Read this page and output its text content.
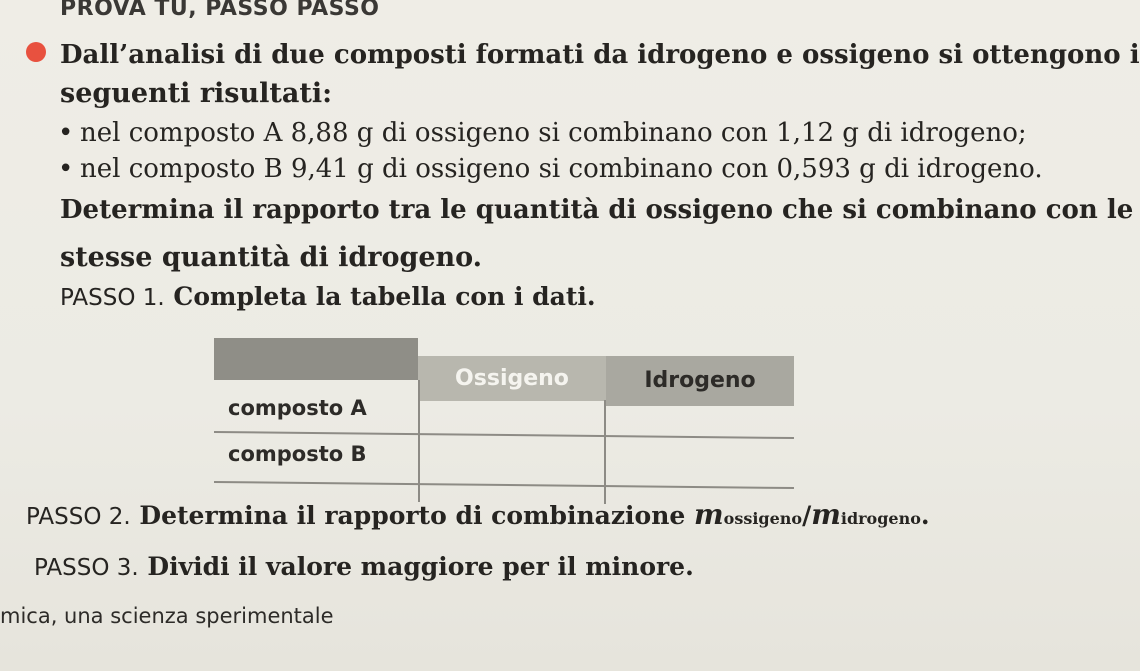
PROVA TU, PASSO PASSO
Dall’analisi di due composti formati da idrogeno e ossigeno si ottengono i
seguenti risultati:
• nel composto A 8,88 g di ossigeno si combinano con 1,12 g di idrogeno;
• nel composto B 9,41 g di ossigeno si combinano con 0,593 g di idrogeno.
Determina il rapporto tra le quantità di ossigeno che si combinano con le
stesse quantità di idrogeno.
PASSO 1. Completa la tabella con i dati.
Ossigeno	Idrogeno
composto A
composto B
PASSO 2. Determina il rapporto di combinazione mossigeno/midrogeno.
PASSO 3. Dividi il valore maggiore per il minore.
mica, una scienza sperimentale
